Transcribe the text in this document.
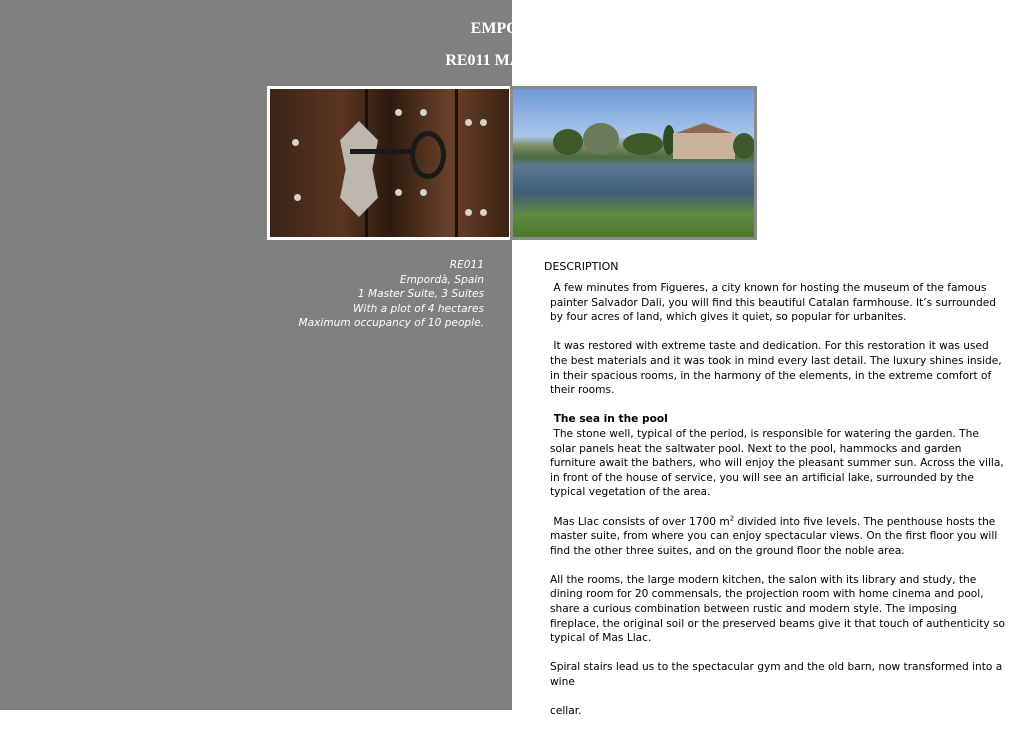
EMPORDA
RE011 MAS LLAC
RE011
Empordà, Spain
1 Master Suite, 3 Suites
With a plot of 4 hectares
Maximum occupancy of 10 people.
DESCRIPTION

A few minutes from Figueres, a city known for hosting the museum of the famous painter Salvador Dali, you will find this beautiful Catalan farmhouse. It’s surrounded by four acres of land, which gives it quiet, so popular for urbanites.

It was restored with extreme taste and dedication. For this restoration it was used the best materials and it was took in mind every last detail. The luxury shines inside, in their spacious rooms, in the harmony of the elements, in the extreme comfort of their rooms.

The sea in the pool
The stone well, typical of the period, is responsible for watering the garden. The solar panels heat the saltwater pool. Next to the pool, hammocks and garden furniture await the bathers, who will enjoy the pleasant summer sun. Across the villa, in front of the house of service, you will see an artificial lake, surrounded by the typical vegetation of the area.

Mas Llac consists of over 1700 $m^2$ divided into five levels. The penthouse hosts the master suite, from where you can enjoy spectacular views. On the first floor you will find the other three suites, and on the ground floor the noble area.

All the rooms, the large modern kitchen, the salon with its library and study, the dining room for 20 commensals, the projection room with home cinema and pool, share a curious combination between rustic and modern style. The imposing fireplace, the original soil or the preserved beams give it that touch of authenticity so typical of Mas Llac.

Spiral stairs lead us to the spectacular gym and the old barn, now transformed into a wine

cellar.
